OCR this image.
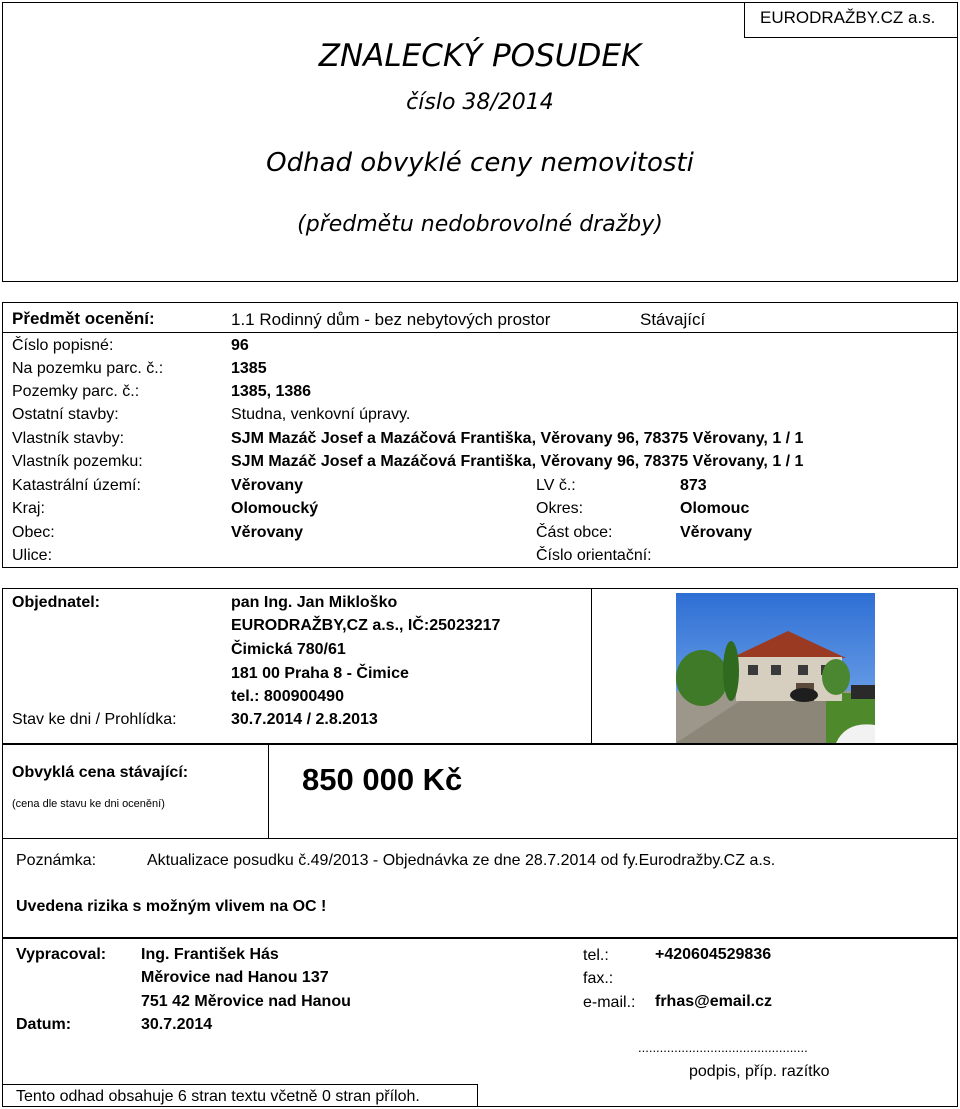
EURODRAŽBY.CZ a.s.
ZNALECKÝ POSUDEK
číslo 38/2014
Odhad obvyklé ceny nemovitosti
(předmětu nedobrovolné dražby)
Předmět ocenění:	1.1 Rodinný dům - bez nebytových prostor	Stávající
Číslo popisné:	96
Na pozemku parc. č.:	1385
Pozemky parc. č.:	1385, 1386
Ostatní stavby:	Studna, venkovní úpravy.
Vlastník stavby:	SJM Mazáč Josef a Mazáčová Františka, Věrovany 96, 78375 Věrovany, 1 / 1
Vlastník pozemku:	SJM Mazáč Josef a Mazáčová Františka, Věrovany 96, 78375 Věrovany, 1 / 1
Katastrální území:	Věrovany	LV č.:	873
Kraj:	Olomoucký	Okres:	Olomouc
Obec:	Věrovany	Část obce:	Věrovany
Ulice:	Číslo orientační:
Objednatel:	pan Ing. Jan Mikloško
EURODRAŽBY,CZ a.s., IČ:25023217
Čimická 780/61
181 00 Praha 8 - Čimice
tel.: 800900490
Stav ke dni / Prohlídka:	30.7.2014 / 2.8.2013
Obvyklá cena stávající:
(cena dle stavu ke dni ocenění)
850 000 Kč
Poznámka:	Aktualizace posudku č.49/2013 - Objednávka ze dne 28.7.2014 od fy.Eurodražby.CZ a.s.
Uvedena rizika s možným vlivem na OC !
Vypracoval: Ing. František Hás
Měrovice nad Hanou 137
751 42 Měrovice nad Hanou
Datum:	30.7.2014
tel.:	+420604529836
fax.:
e-mail.: frhas@email.cz
...............................................
podpis, příp. razítko
Tento odhad obsahuje 6 stran textu včetně 0 stran příloh.
